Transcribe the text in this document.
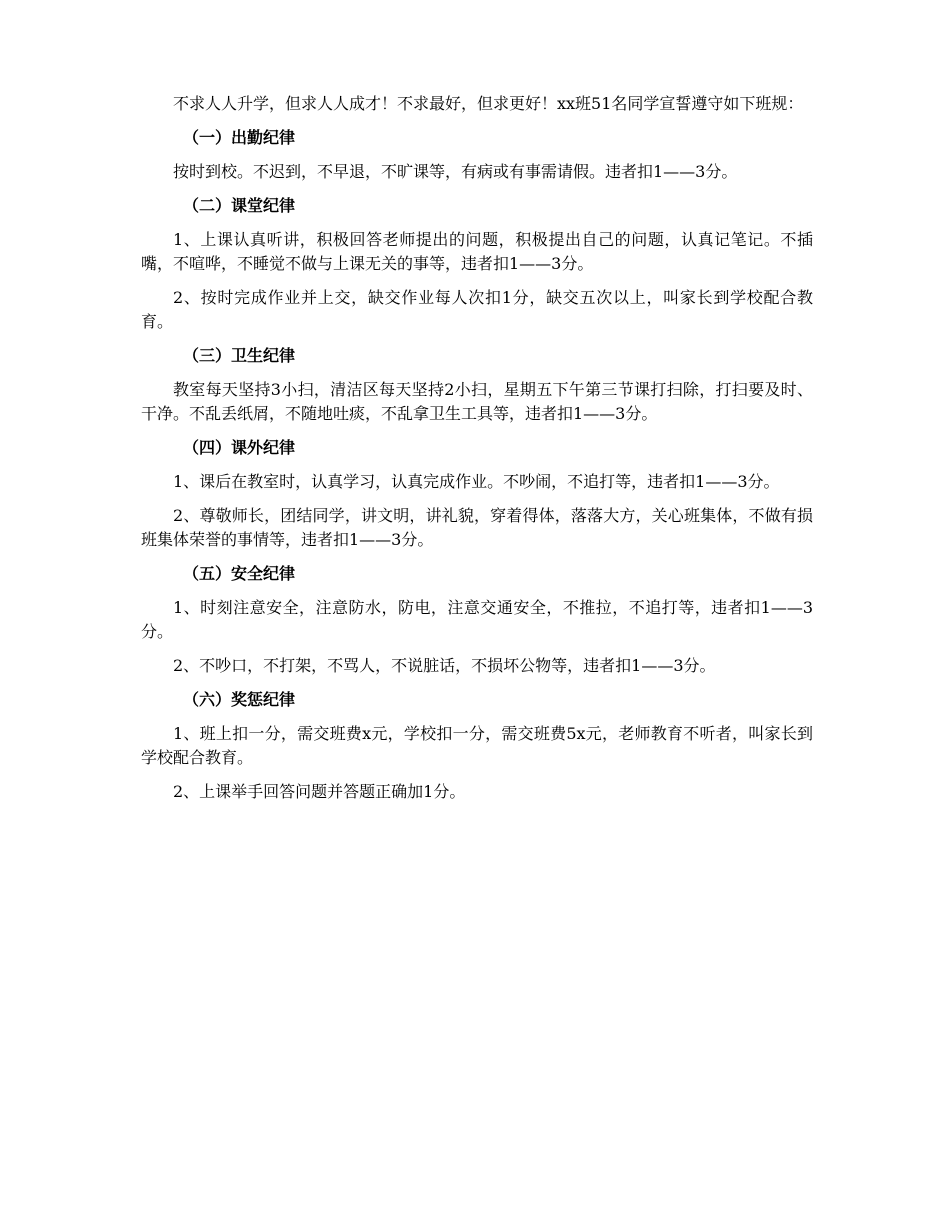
不求人人升学，但求人人成才！不求最好，但求更好！xx班51名同学宣誓遵守如下班规：

（一）出勤纪律

按时到校。不迟到，不早退，不旷课等，有病或有事需请假。违者扣1——3分。

（二）课堂纪律

1、上课认真听讲，积极回答老师提出的问题，积极提出自己的问题，认真记笔记。不插嘴，不喧哗，不睡觉不做与上课无关的事等，违者扣1——3分。

2、按时完成作业并上交，缺交作业每人次扣1分，缺交五次以上，叫家长到学校配合教育。

（三）卫生纪律

教室每天坚持3小扫，清洁区每天坚持2小扫，星期五下午第三节课打扫除，打扫要及时、干净。不乱丢纸屑，不随地吐痰，不乱拿卫生工具等，违者扣1——3分。

（四）课外纪律

1、课后在教室时，认真学习，认真完成作业。不吵闹，不追打等，违者扣1——3分。

2、尊敬师长，团结同学，讲文明，讲礼貌，穿着得体，落落大方，关心班集体，不做有损班集体荣誉的事情等，违者扣1——3分。

（五）安全纪律

1、时刻注意安全，注意防水，防电，注意交通安全，不推拉，不追打等，违者扣1——3分。

2、不吵口，不打架，不骂人，不说脏话，不损坏公物等，违者扣1——3分。

（六）奖惩纪律

1、班上扣一分，需交班费x元，学校扣一分，需交班费5x元，老师教育不听者，叫家长到学校配合教育。

2、上课举手回答问题并答题正确加1分。
